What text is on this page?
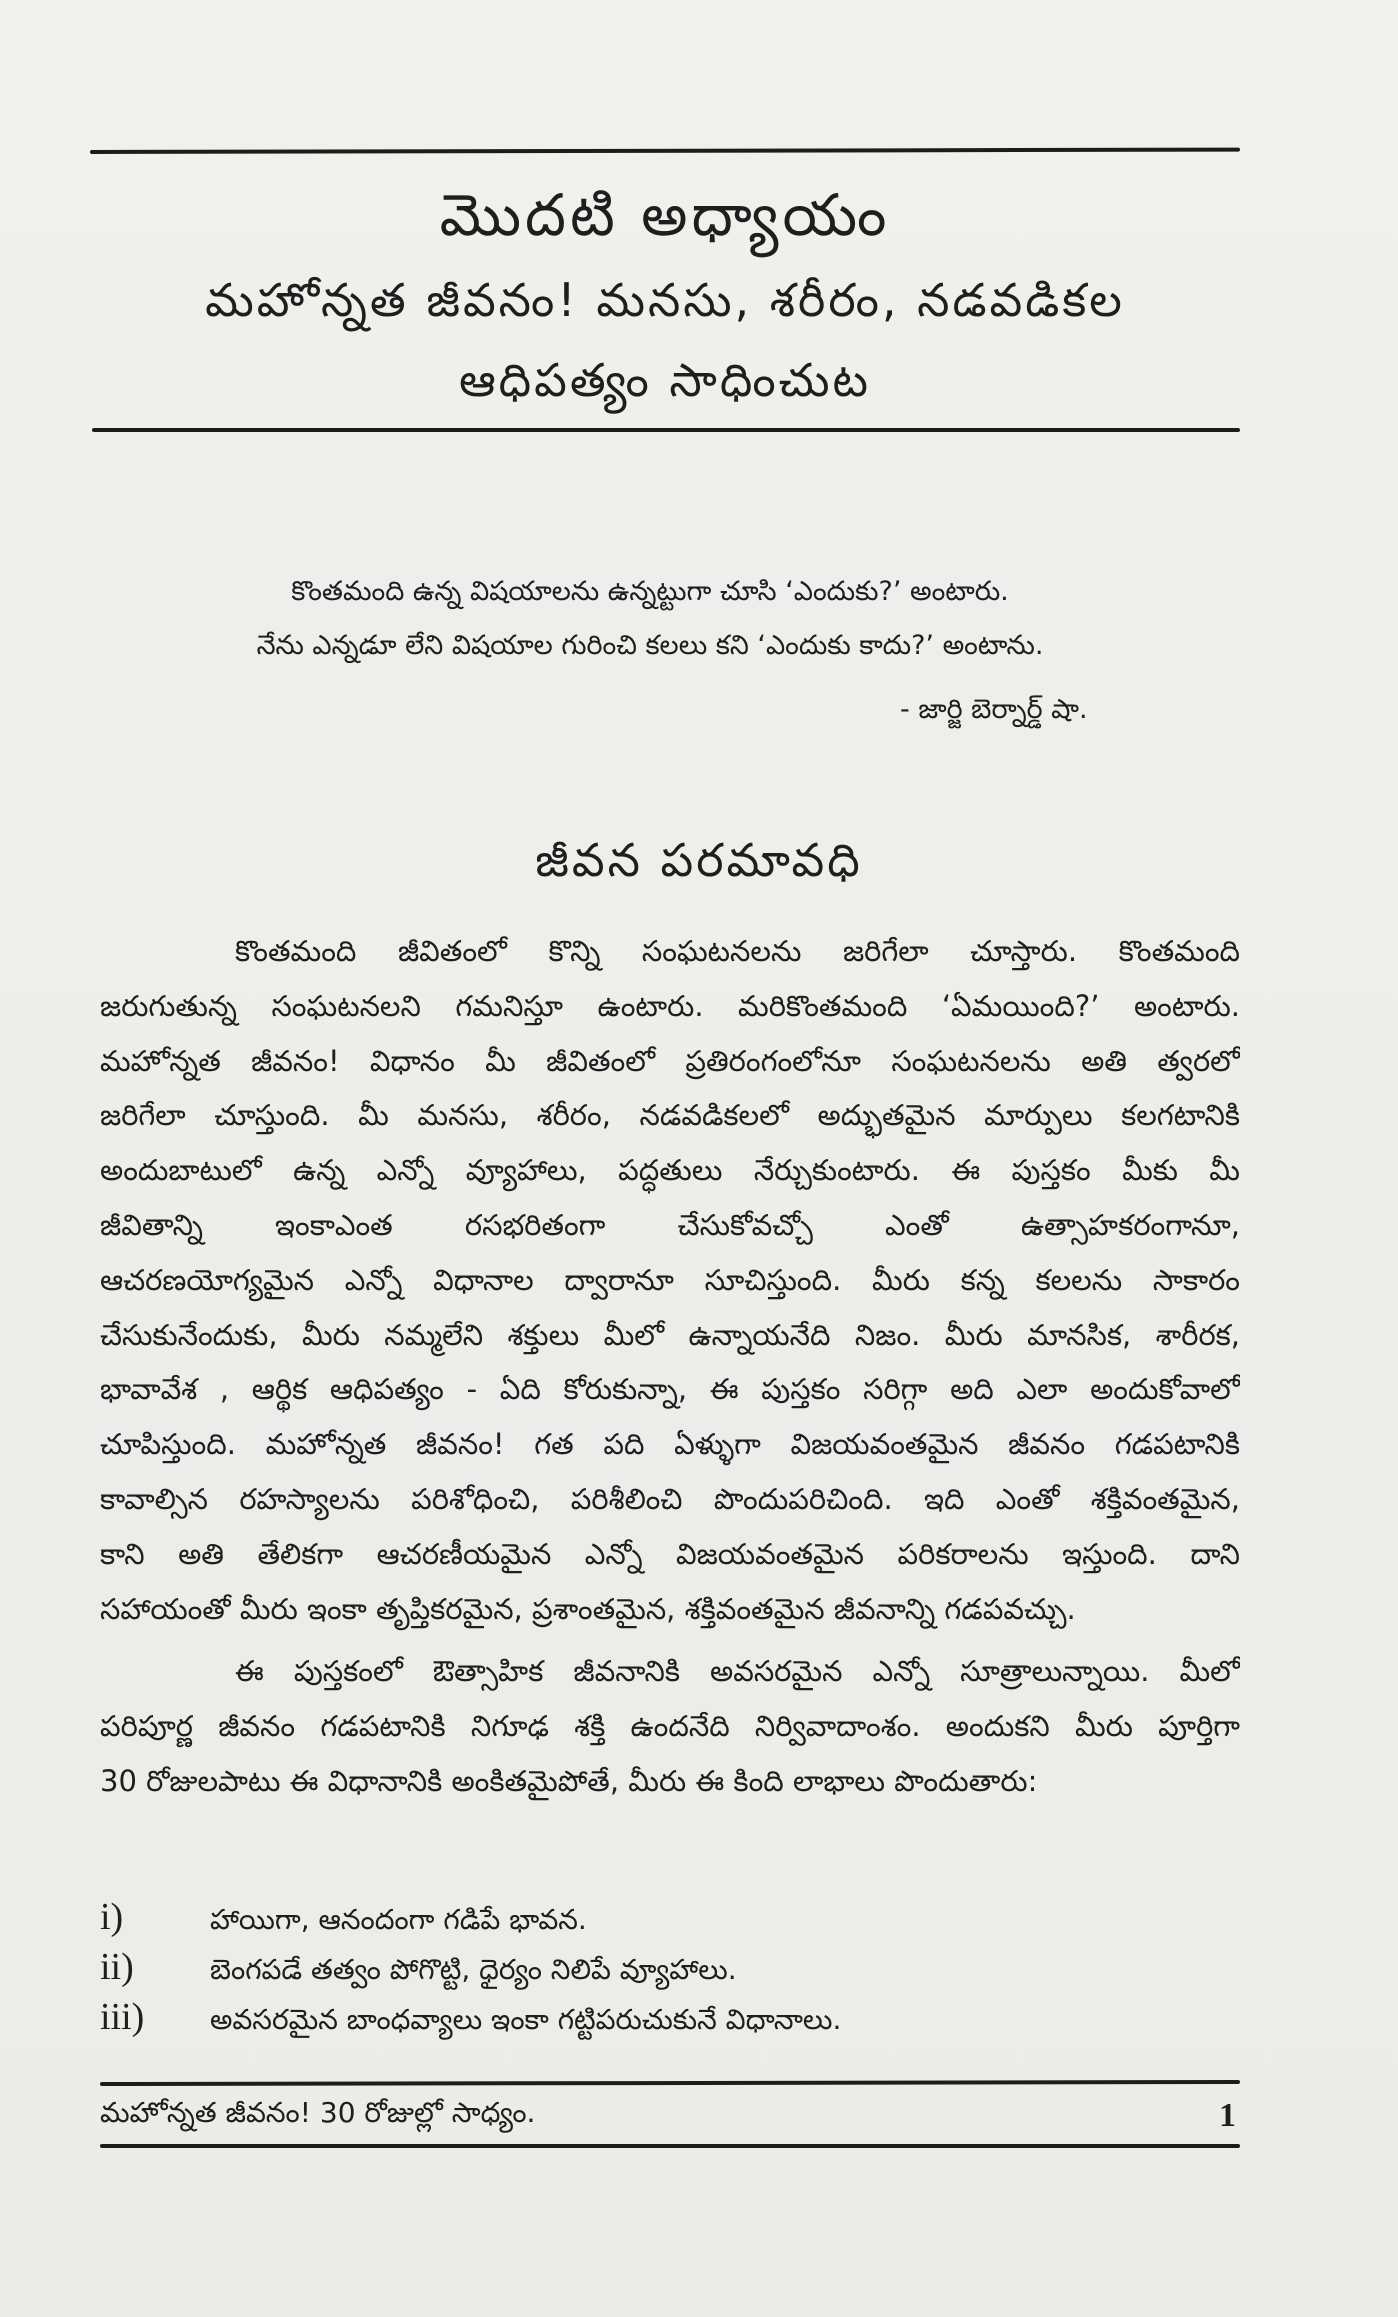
మొదటి అధ్యాయం
మహోన్నత జీవనం! మనసు, శరీరం, నడవడికల
ఆధిపత్యం సాధించుట

కొంతమంది ఉన్న విషయాలను ఉన్నట్టుగా చూసి ‘ఎందుకు?’ అంటారు.

నేను ఎన్నడూ లేని విషయాల గురించి కలలు కని ‘ఎందుకు కాదు?’ అంటాను.

- జార్జి బెర్నార్డ్ షా.
జీవన పరమావధి

కొంతమంది జీవితంలో కొన్ని సంఘటనలను జరిగేలా చూస్తారు. కొంతమంది
జరుగుతున్న సంఘటనలని గమనిస్తూ ఉంటారు. మరికొంతమంది ‘ఏమయింది?’ అంటారు.
మహోన్నత జీవనం! విధానం మీ జీవితంలో ప్రతిరంగంలోనూ సంఘటనలను అతి త్వరలో
జరిగేలా చూస్తుంది. మీ మనసు, శరీరం, నడవడికలలో అద్భుతమైన మార్పులు కలగటానికి
అందుబాటులో ఉన్న ఎన్నో వ్యూహాలు, పద్ధతులు నేర్చుకుంటారు. ఈ పుస్తకం మీకు మీ
జీవితాన్ని ఇంకాఎంత రసభరితంగా చేసుకోవచ్చో ఎంతో ఉత్సాహకరంగానూ,
ఆచరణయోగ్యమైన ఎన్నో విధానాల ద్వారానూ సూచిస్తుంది. మీరు కన్న కలలను సాకారం
చేసుకునేందుకు, మీరు నమ్మలేని శక్తులు మీలో ఉన్నాయనేది నిజం. మీరు మానసిక, శారీరక,
భావావేశ , ఆర్థిక ఆధిపత్యం - ఏది కోరుకున్నా, ఈ పుస్తకం సరిగ్గా అది ఎలా అందుకోవాలో
చూపిస్తుంది. మహోన్నత జీవనం! గత పది ఏళ్ళుగా విజయవంతమైన జీవనం గడపటానికి
కావాల్సిన రహస్యాలను పరిశోధించి, పరిశీలించి పొందుపరిచింది. ఇది ఎంతో శక్తివంతమైన,
కాని అతి తేలికగా ఆచరణీయమైన ఎన్నో విజయవంతమైన పరికరాలను ఇస్తుంది. దాని
సహాయంతో మీరు ఇంకా తృప్తికరమైన, ప్రశాంతమైన, శక్తివంతమైన జీవనాన్ని గడపవచ్చు.

ఈ పుస్తకంలో ఔత్సాహిక జీవనానికి అవసరమైన ఎన్నో సూత్రాలున్నాయి. మీలో
పరిపూర్ణ జీవనం గడపటానికి నిగూఢ శక్తి ఉందనేది నిర్వివాదాంశం. అందుకని మీరు పూర్తిగా
30 రోజులపాటు ఈ విధానానికి అంకితమైపోతే, మీరు ఈ కింది లాభాలు పొందుతారు:

i)	హాయిగా, ఆనందంగా గడిపే భావన.
ii)	బెంగపడే తత్వం పోగొట్టి, ధైర్యం నిలిపే వ్యూహాలు.
iii)	అవసరమైన బాంధవ్యాలు ఇంకా గట్టిపరుచుకునే విధానాలు.
మహోన్నత జీవనం! 30 రోజుల్లో సాధ్యం.	1
